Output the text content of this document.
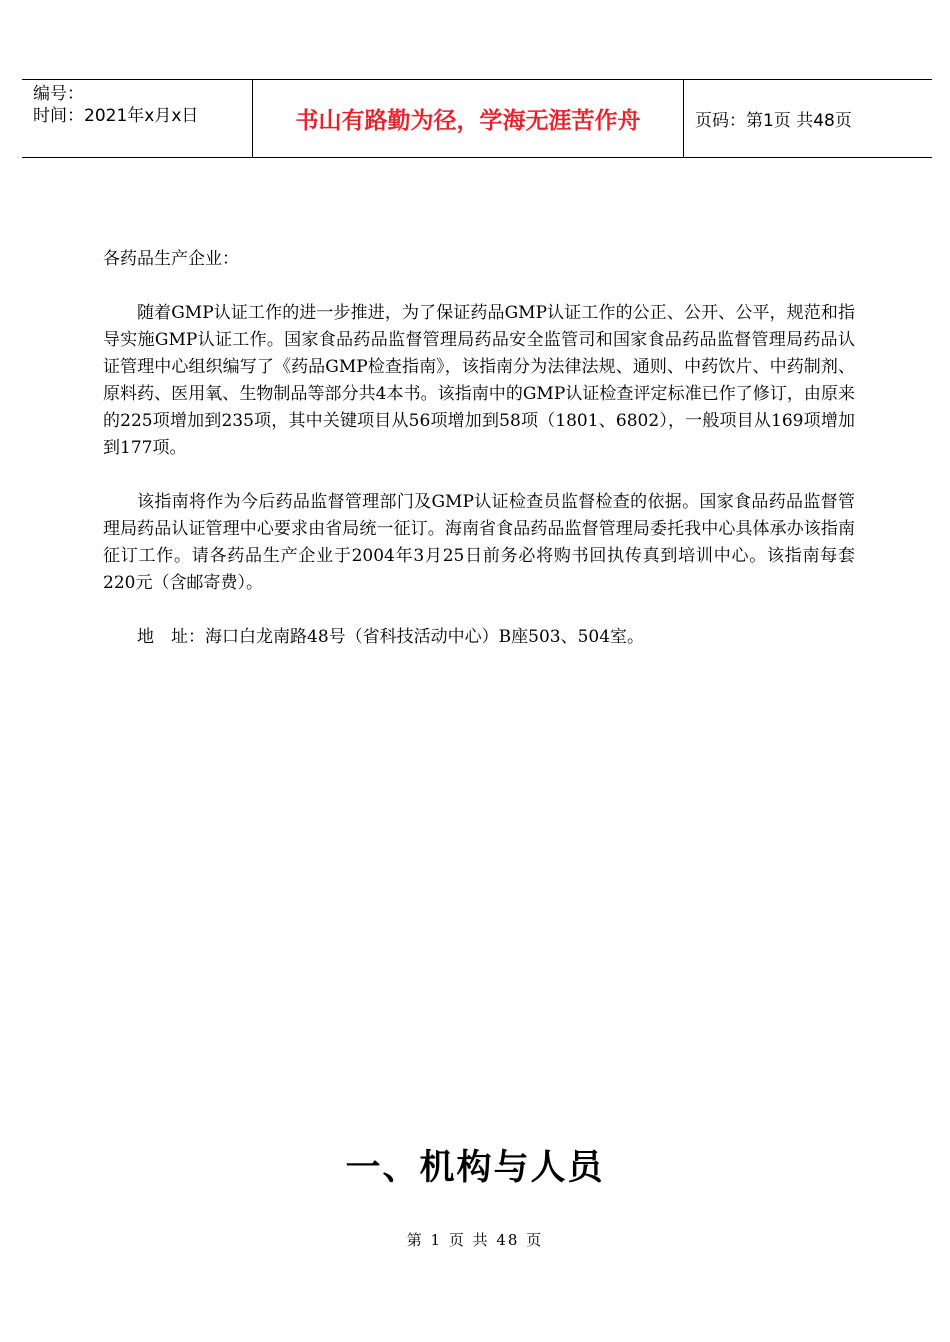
编号：
时间：2021年x月x日	书山有路勤为径，学海无涯苦作舟	页码：第1页 共48页

各药品生产企业：

随着GMP认证工作的进一步推进，为了保证药品GMP认证工作的公正、公开、公平，规范和指导实施GMP认证工作。国家食品药品监督管理局药品安全监管司和国家食品药品监督管理局药品认证管理中心组织编写了《药品GMP检查指南》，该指南分为法律法规、通则、中药饮片、中药制剂、原料药、医用氧、生物制品等部分共4本书。该指南中的GMP认证检查评定标准已作了修订，由原来的225项增加到235项，其中关键项目从56项增加到58项（1801、6802），一般项目从169项增加到177项。

该指南将作为今后药品监督管理部门及GMP认证检查员监督检查的依据。国家食品药品监督管理局药品认证管理中心要求由省局统一征订。海南省食品药品监督管理局委托我中心具体承办该指南征订工作。请各药品生产企业于2004年3月25日前务必将购书回执传真到培训中心。该指南每套220元（含邮寄费）。

地　址：海口白龙南路48号（省科技活动中心）B座503、504室。

一、机构与人员
第 1 页 共 48 页
